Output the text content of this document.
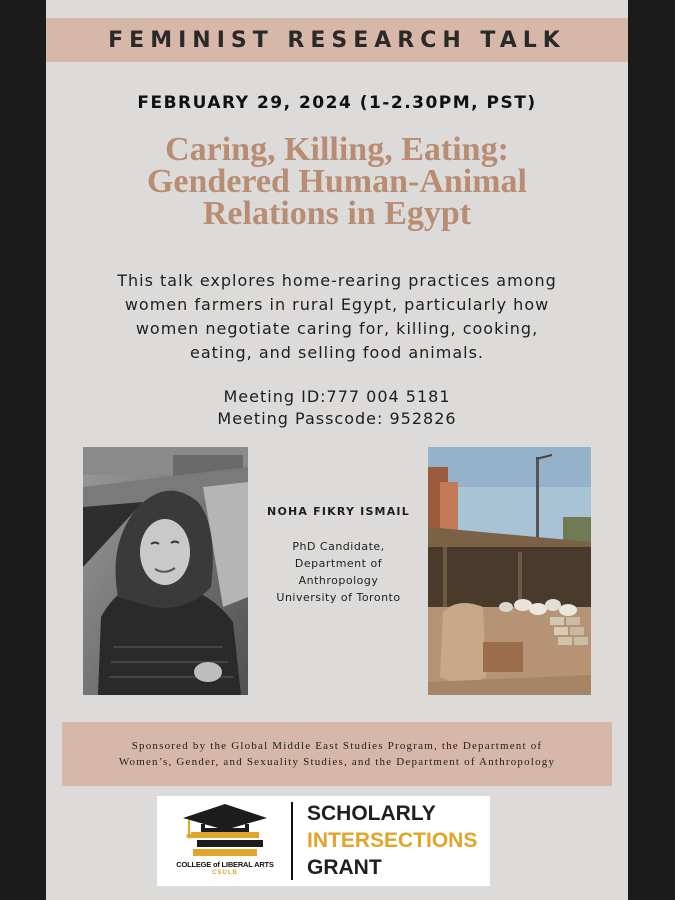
FEMINIST RESEARCH TALK
FEBRUARY 29, 2024 (1-2.30PM, PST)
Caring, Killing, Eating:
Gendered Human-Animal
Relations in Egypt
This talk explores home-rearing practices among
women farmers in rural Egypt, particularly how
women negotiate caring for, killing, cooking,
eating, and selling food animals.
Meeting ID:777 004 5181
Meeting Passcode: 952826
NOHA FIKRY ISMAIL
PhD Candidate,
Department of
Anthropology
University of Toronto
Sponsored by the Global Middle East Studies Program, the Department of
Women’s, Gender, and Sexuality Studies, and the Department of Anthropology
COLLEGE of LIBERAL ARTS
CSULB
SCHOLARLY
INTERSECTIONS
GRANT
